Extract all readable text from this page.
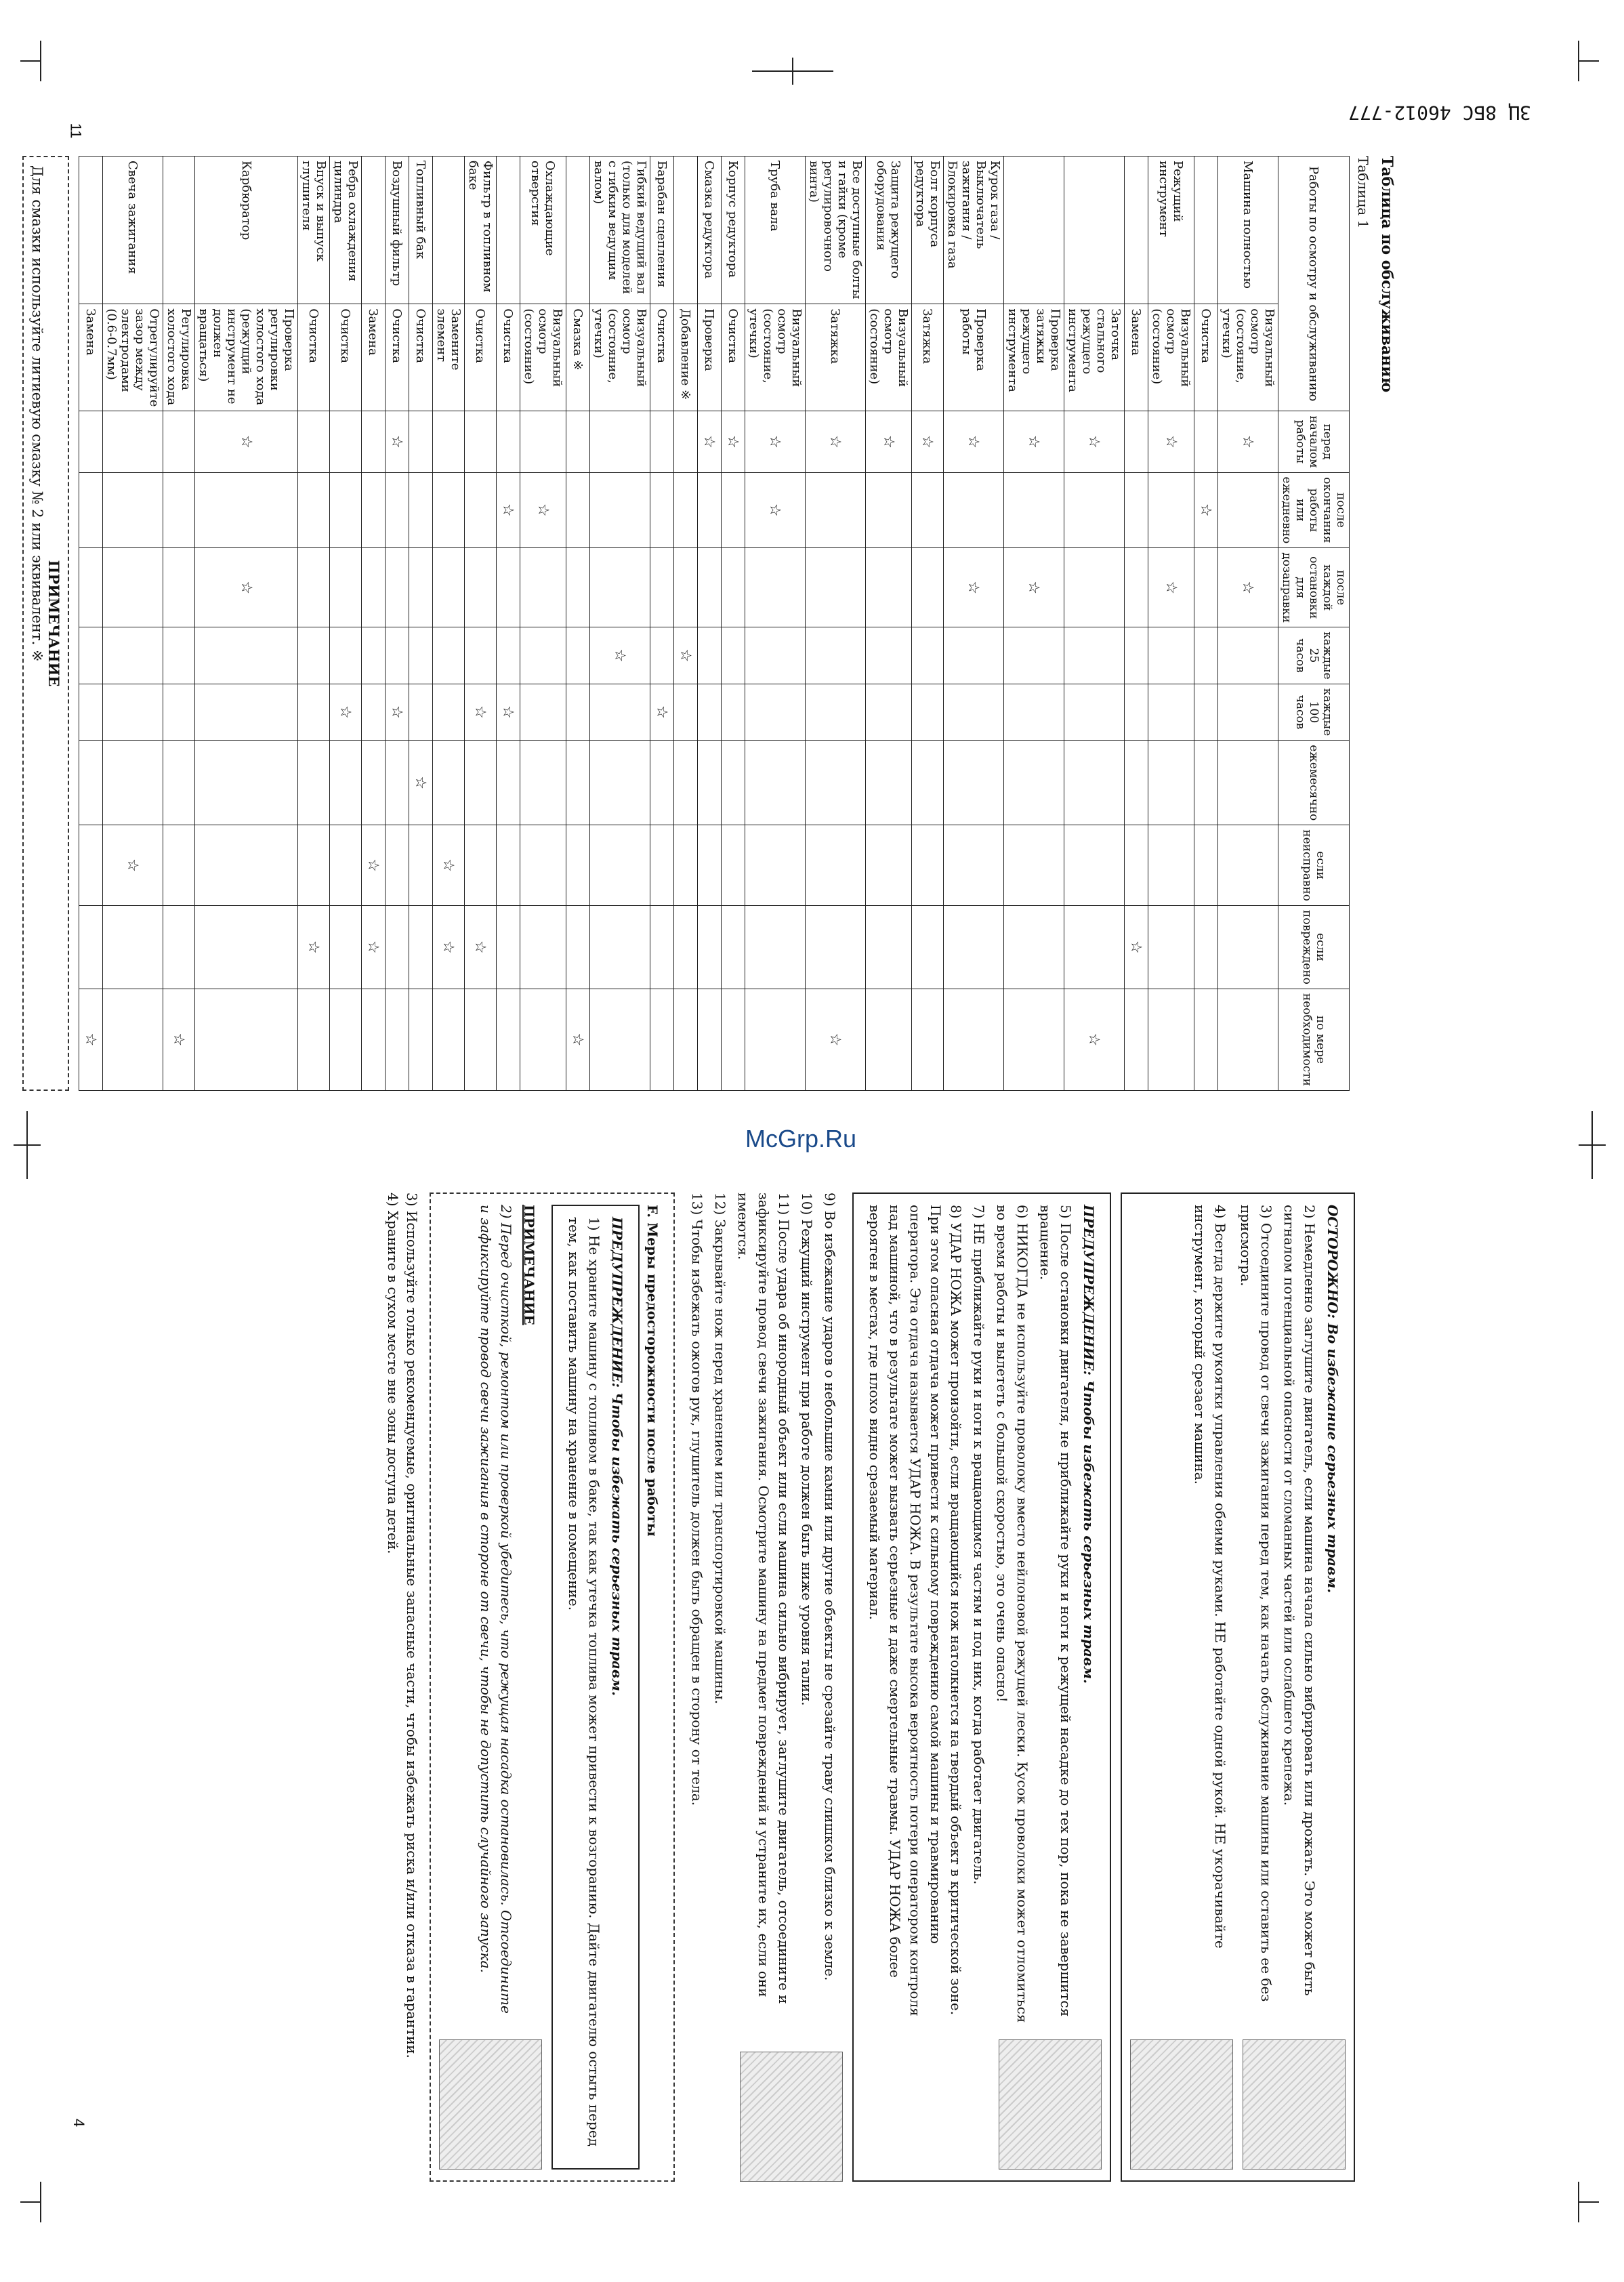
3Ц 8БС 46012-777
11
4
McGrp.Ru
Таблица по обслуживанию
Таблица 1
Работы по осмотру и обслуживанию		перед началом работы	после окончания работы или ежедневно	после каждой остановки для дозаправки	каждые 25 часов	каждые 100 часов	ежемесячно	если неисправно	если повреждено	по мере необходимости
Машина полностью	Визуальный осмотр (состояние, утечки)	☆		☆						
	Очистка		☆							
Режущий инструмент	Визуальный осмотр (состояние)	☆		☆						
	Замена								☆	
	Заточка стального режущего инструмента	☆								☆
	Проверка затяжки режущего инструмента	☆		☆						
Курок газа / Выключатель зажигания / Блокировка газа	Проверка работы	☆		☆						
Болт корпуса редуктора	Затяжка	☆								
Защита режущего оборудования	Визуальный осмотр (состояние)	☆								
Все доступные болты и гайки (кроме регулировочного винта)	Затяжка	☆								☆
Труба вала	Визуальный осмотр (состояние, утечки)	☆	☆							
Корпус редуктора	Очистка	☆								
Смазка редуктора	Проверка	☆								
	Добавление ※				☆					
Барабан сцепления	Очистка					☆				
Гибкий ведущий вал (только для моделей с гибким ведущим валом)	Визуальный осмотр (состояние, утечки)				☆					
	Смазка ※									☆
Охлаждающие отверстия	Визуальный осмотр (состояние)		☆							
	Очистка		☆			☆				
Фильтр в топливном баке	Очистка					☆			☆	
	Замените элемент							☆	☆	
Топливный бак	Очистка						☆			
Воздушный фильтр	Очистка	☆				☆				
	Замена							☆	☆	
Ребра охлаждения цилиндра	Очистка					☆				
Впуск и выпуск глушителя	Очистка								☆	
Карбюратор	Проверка регулировки холостого хода (режущий инструмент не должен вращаться)	☆		☆						
	Регулировка холостого хода									☆
Свеча зажигания	Отрегулируйте зазор между электродами (0.6-0.7мм)							☆		
	Замена									☆
ПРИМЕЧАНИЕ
Для смазки используйте литиевую смазку № 2 или эквивалент. ※

ОСТОРОЖНО: Во избежание серьезных травм.

2) Немедленно заглушите двигатель, если машина начала сильно вибрировать или дрожать. Это может быть сигналом потенциальной опасности от сломанных частей или ослабшего крепежа.

3) Отсоедините провод от свечи зажигания перед тем, как начать обслуживание машины или оставить ее без присмотра.

4) Всегда держите рукоятки управления обеими руками. НЕ работайте одной рукой. НЕ укорачивайте инструмент, который срезает машина.

ПРЕДУПРЕЖДЕНИЕ: Чтобы избежать серьезных травм.

5) После остановки двигателя, не приближайте руки и ноги к режущей насадке до тех пор, пока не завершится вращение.

6) НИКОГДА не используйте проволоку вместо нейлоновой режущей лески. Кусок проволоки может отломиться во время работы и вылететь с большой скоростью, это очень опасно!

7) НЕ приближайте руки и ноги к вращающимся частям и под них, когда работает двигатель.

8) УДАР НОЖА может произойти, если вращающийся нож натолкнется на твердый объект в критической зоне. При этом опасная отдача может привести к сильному повреждению самой машины и травмированию оператора. Эта отдача называется УДАР НОЖА. В результате высока вероятность потери оператором контроля над машиной, что в результате может вызвать серьезные и даже смертельные травмы. УДАР НОЖА более вероятен в местах, где плохо видно срезаемый материал.

9) Во избежание ударов о небольшие камни или другие объекты не срезайте траву слишком близко к земле.

10) Режущий инструмент при работе должен быть ниже уровня талии.

11) После удара об инородный объект или если машина сильно вибрирует, заглушите двигатель, отсоедините и зафиксируйте провод свечи зажигания. Осмотрите машину на предмет повреждений и устраните их, если они имеются.

12) Закрывайте нож перед хранением или транспортировкой машины.

13) Чтобы избежать ожогов рук, глушитель должен быть обращен в сторону от тела.

F. Меры предосторожности после работы

ПРЕДУПРЕЖДЕНИЕ: Чтобы избежать серьезных травм.

1) Не храните машину с топливом в баке, так как утечка топлива может привести к возгоранию. Дайте двигателю остыть перед тем, как поставить машину на хранение в помещение.

ПРИМЕЧАНИЕ

2) Перед очисткой, ремонтом или проверкой убедитесь, что режущая насадка остановилась. Отсоедините и зафиксируйте провод свечи зажигания в стороне от свечи, чтобы не допустить случайного запуска.

3) Используйте только рекомендуемые, оригинальные запасные части, чтобы избежать риска и/или отказа в гарантии.

4) Храните в сухом месте вне зоны доступа детей.
